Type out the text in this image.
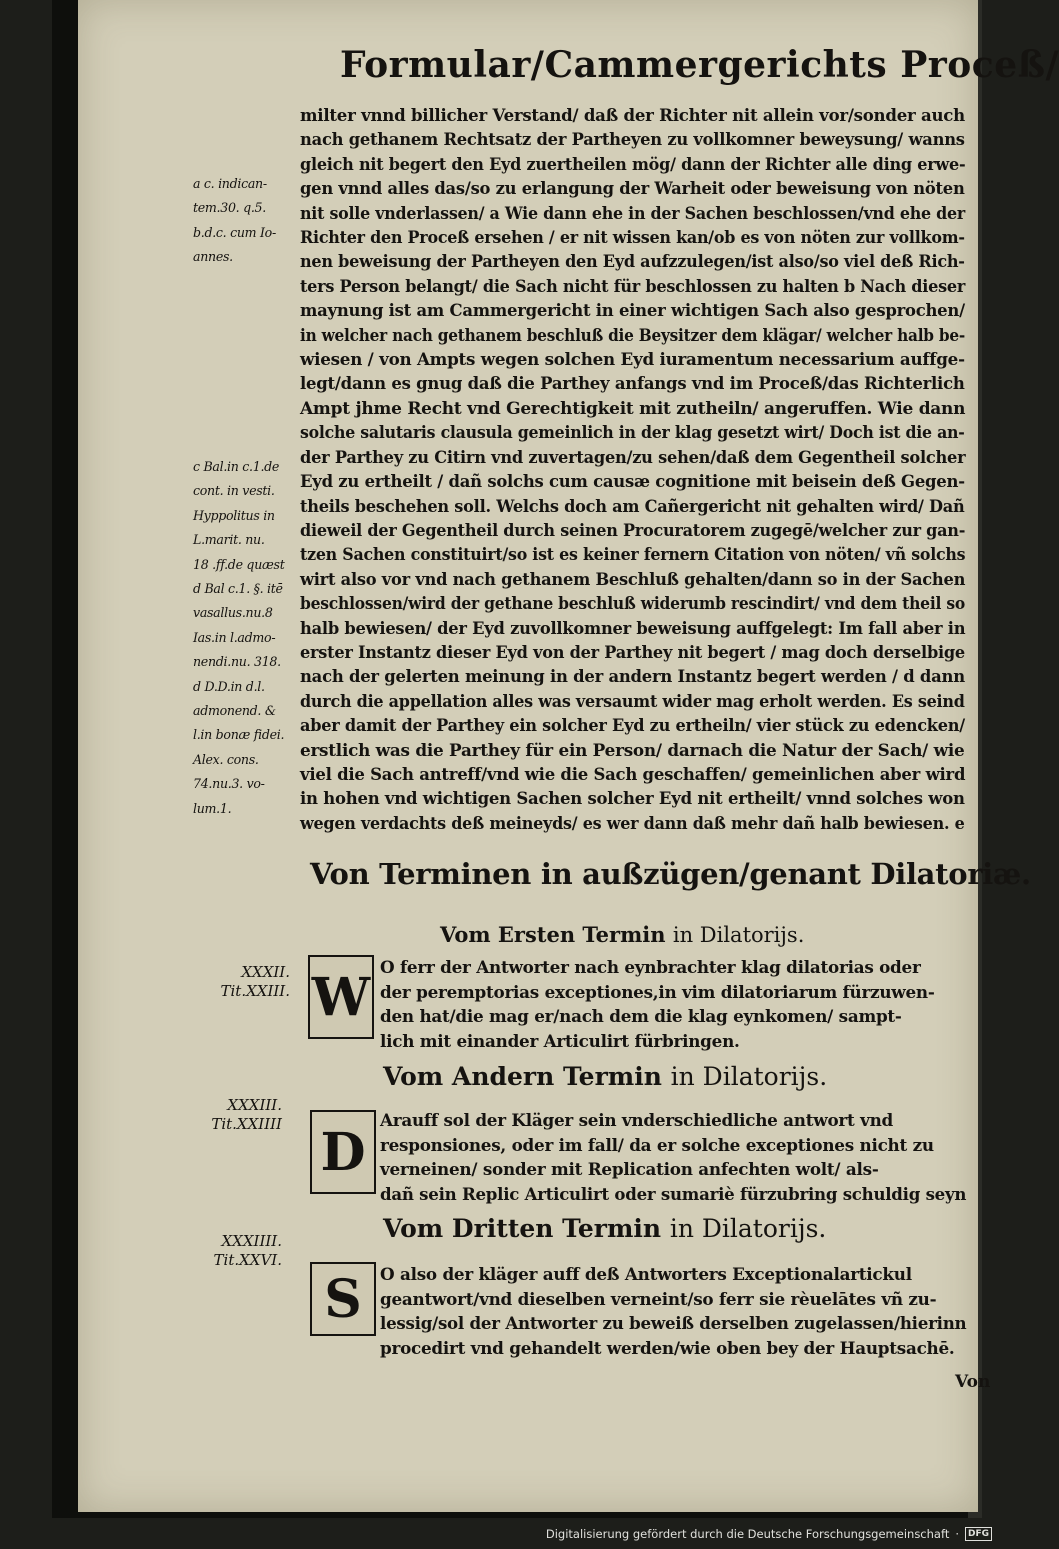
Formular/Cammergerichts Proceß/
a c. indican-
tem.30. q.5.
b.d.c. cum Io-
annes.
c Bal.in c.1.de
cont. in vesti.
Hyppolitus in
L.marit. nu.
18 .ff.de quæst
d Bal c.1. §. itē
vasallus.nu.8
Ias.in l.admo-
nendi.nu. 318.
d D.D.in d.l.
admonend. &
l.in bonæ fidei.
Alex. cons.
74.nu.3. vo-
lum.1.
milter vnnd billicher Verstand/ daß der Richter nit allein vor/sonder auch
nach gethanem Rechtsatz der Partheyen zu vollkomner beweysung/ wanns
gleich nit begert den Eyd zuertheilen mög/ dann der Richter alle ding erwe-
gen vnnd alles das/so zu erlangung der Warheit oder beweisung von nöten
nit solle vnderlassen/ a Wie dann ehe in der Sachen beschlossen/vnd ehe der
Richter den Proceß ersehen / er nit wissen kan/ob es von nöten zur vollkom-
nen beweisung der Partheyen den Eyd aufzzulegen/ist also/so viel deß Rich-
ters Person belangt/ die Sach nicht für beschlossen zu halten b Nach dieser
maynung ist am Cammergericht in einer wichtigen Sach also gesprochen/
in welcher nach gethanem beschluß die Beysitzer dem klägar/ welcher halb be-
wiesen / von Ampts wegen solchen Eyd iuramentum necessarium auffge-
legt/dann es gnug daß die Parthey anfangs vnd im Proceß/das Richterlich
Ampt jhme Recht vnd Gerechtigkeit mit zutheiln/ angeruffen. Wie dann
solche salutaris clausula gemeinlich in der klag gesetzt wirt/ Doch ist die an-
der Parthey zu Citirn vnd zuvertagen/zu sehen/daß dem Gegentheil solcher
Eyd zu ertheilt / dañ solchs cum causæ cognitione mit beisein deß Gegen-
theils beschehen soll. Welchs doch am Cañergericht nit gehalten wird/ Dañ
dieweil der Gegentheil durch seinen Procuratorem zugegē/welcher zur gan-
tzen Sachen constituirt/so ist es keiner fernern Citation von nöten/ vñ solchs
wirt also vor vnd nach gethanem Beschluß gehalten/dann so in der Sachen
beschlossen/wird der gethane beschluß widerumb rescindirt/ vnd dem theil so
halb bewiesen/ der Eyd zuvollkomner beweisung auffgelegt: Im fall aber in
erster Instantz dieser Eyd von der Parthey nit begert / mag doch derselbige
nach der gelerten meinung in der andern Instantz begert werden / d dann
durch die appellation alles was versaumt wider mag erholt werden. Es seind
aber damit der Parthey ein solcher Eyd zu ertheiln/ vier stück zu edencken/
erstlich was die Parthey für ein Person/ darnach die Natur der Sach/ wie
viel die Sach antreff/vnd wie die Sach geschaffen/ gemeinlichen aber wird
in hohen vnd wichtigen Sachen solcher Eyd nit ertheilt/ vnnd solches won
wegen verdachts deß meineyds/ es wer dann daß mehr dañ halb bewiesen. e
Von Terminen in außzügen/genant Dilatoriæ.
Vom Ersten Termin in Dilatorijs.
XXXII.
Tit.XXIII. W O ferr der Antworter nach eynbrachter klag dilatorias oder
der peremptorias exceptiones,in vim dilatoriarum fürzuwen-
den hat/die mag er/nach dem die klag eynkomen/ sampt-
lich mit einander Articulirt fürbringen.
Vom Andern Termin in Dilatorijs.
XXXIII.
Tit.XXIIII D
Arauff sol der Kläger sein vnderschiedliche antwort vnd
responsiones, oder im fall/ da er solche exceptiones nicht zu
verneinen/ sonder mit Replication anfechten wolt/ als-
dañ sein Replic Articulirt oder sumariè fürzubring schuldig seyn
Vom Dritten Termin in Dilatorijs.
XXXIIII.
Tit.XXVI.
S O also der kläger auff deß Antworters Exceptionalartickul
geantwort/vnd dieselben verneint/so ferr sie rèuelātes vñ zu-
lessig/sol der Antworter zu beweiß derselben zugelassen/hierinn
procedirt vnd gehandelt werden/wie oben bey der Hauptsachē.
Von
Digitalisierung gefördert durch die Deutsche Forschungsgemeinschaft ·	DFG
